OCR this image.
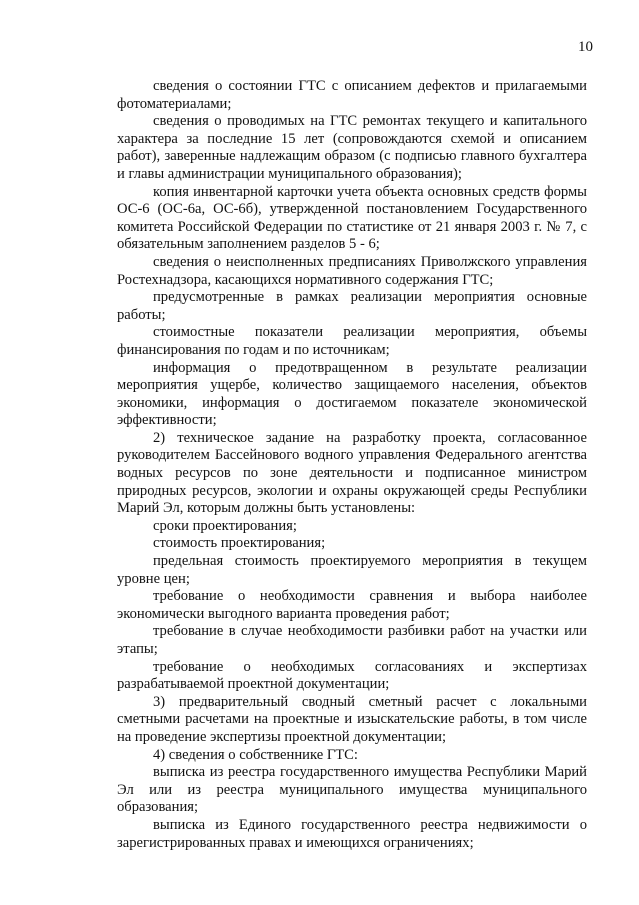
10

сведения о состоянии ГТС с описанием дефектов и прилагаемыми фотоматериалами;

сведения о проводимых на ГТС ремонтах текущего и капитального характера за последние 15 лет (сопровождаются схемой и описанием работ), заверенные надлежащим образом (с подписью главного бухгалтера и главы администрации муниципального образования);

копия инвентарной карточки учета объекта основных средств формы ОС-6 (ОС-6а, ОС-6б), утвержденной постановлением Государственного комитета Российской Федерации по статистике от 21 января 2003 г. № 7, с обязательным заполнением разделов 5 - 6;

сведения о неисполненных предписаниях Приволжского управления Ростехнадзора, касающихся нормативного содержания ГТС;

предусмотренные в рамках реализации мероприятия основные работы;

стоимостные показатели реализации мероприятия, объемы финансирования по годам и по источникам;

информация о предотвращенном в результате реализации мероприятия ущербе, количество защищаемого населения, объектов экономики, информация о достигаемом показателе экономической эффективности;

2) техническое задание на разработку проекта, согласованное руководителем Бассейнового водного управления Федерального агентства водных ресурсов по зоне деятельности и подписанное министром природных ресурсов, экологии и охраны окружающей среды Республики Марий Эл, которым должны быть установлены:

сроки проектирования;

стоимость проектирования;

предельная стоимость проектируемого мероприятия в текущем уровне цен;

требование о необходимости сравнения и выбора наиболее экономически выгодного варианта проведения работ;

требование в случае необходимости разбивки работ на участки или этапы;

требование о необходимых согласованиях и экспертизах разрабатываемой проектной документации;

3) предварительный сводный сметный расчет с локальными сметными расчетами на проектные и изыскательские работы, в том числе на проведение экспертизы проектной документации;

4) сведения о собственнике ГТС:

выписка из реестра государственного имущества Республики Марий Эл или из реестра муниципального имущества муниципального образования;

выписка из Единого государственного реестра недвижимости о зарегистрированных правах и имеющихся ограничениях;
